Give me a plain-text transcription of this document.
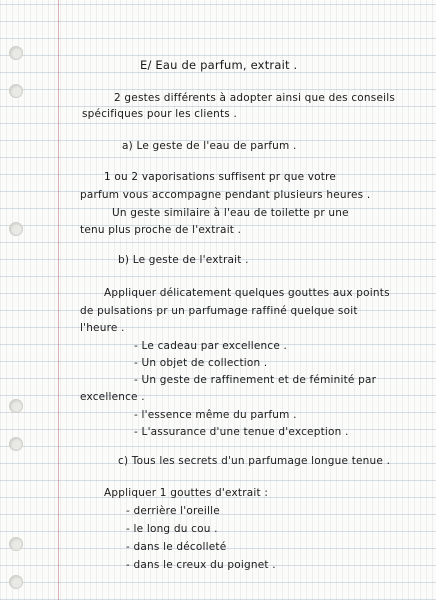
E/ Eau de parfum, extrait .
2 gestes différents à adopter ainsi que des conseils
spécifiques pour les clients .
a) Le geste de l'eau de parfum .
1 ou 2 vaporisations suffisent pr que votre
parfum vous accompagne pendant plusieurs heures .
Un geste similaire à l'eau de toilette pr une
tenu plus proche de l'extrait .
b) Le geste de l'extrait .
Appliquer délicatement quelques gouttes aux points
de pulsations pr un parfumage raffiné quelque soit
l'heure .
- Le cadeau par excellence .
- Un objet de collection .
- Un geste de raffinement et de féminité par
excellence .
- l'essence même du parfum .
- L'assurance d'une tenue d'exception .
c) Tous les secrets d'un parfumage longue tenue .
Appliquer 1 gouttes d'extrait :
- derrière l'oreille
- le long du cou .
- dans le décolleté
- dans le creux du poignet .
